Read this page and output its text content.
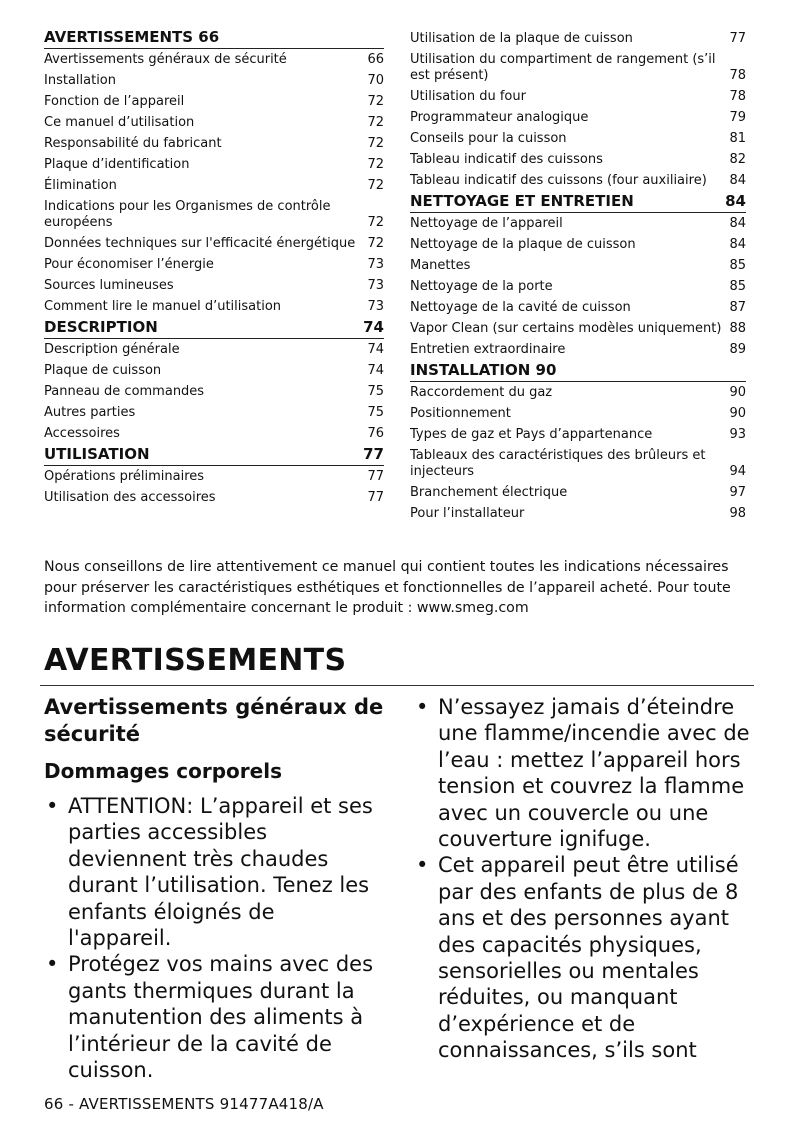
AVERTISSEMENTS 66
Avertissements généraux de sécurité	66
Installation	70
Fonction de l’appareil	72
Ce manuel d’utilisation	72
Responsabilité du fabricant	72
Plaque d’identification	72
Élimination	72
Indications pour les Organismes de contrôle européens	72
Données techniques sur l'efficacité énergétique 72
Pour économiser l’énergie	73
Sources lumineuses	73
Comment lire le manuel d’utilisation	73
DESCRIPTION	74
Description générale	74
Plaque de cuisson	74
Panneau de commandes	75
Autres parties	75
Accessoires	76
UTILISATION	77
Opérations préliminaires	77
Utilisation des accessoires	77
Utilisation de la plaque de cuisson	77
Utilisation du compartiment de rangement (s’il est présent)	78
Utilisation du four	78
Programmateur analogique	79
Conseils pour la cuisson	81
Tableau indicatif des cuissons	82
Tableau indicatif des cuissons (four auxiliaire) 84
NETTOYAGE ET ENTRETIEN	84
Nettoyage de l’appareil	84
Nettoyage de la plaque de cuisson	84
Manettes	85
Nettoyage de la porte	85
Nettoyage de la cavité de cuisson	87
Vapor Clean (sur certains modèles uniquement) 88
Entretien extraordinaire	89
INSTALLATION 90
Raccordement du gaz	90
Positionnement	90
Types de gaz et Pays d’appartenance	93
Tableaux des caractéristiques des brûleurs et injecteurs	94
Branchement électrique	97
Pour l’installateur	98
Nous conseillons de lire attentivement ce manuel qui contient toutes les indications nécessaires pour préserver les caractéristiques esthétiques et fonctionnelles de l’appareil acheté. Pour toute information complémentaire concernant le produit : www.smeg.com
AVERTISSEMENTS
Avertissements généraux de sécurité
Dommages corporels
• ATTENTION: L’appareil et ses parties accessibles deviennent très chaudes durant l’utilisation. Tenez les enfants éloignés de l'appareil.
• Protégez vos mains avec des gants thermiques durant la manutention des aliments à l’intérieur de la cavité de cuisson.
• N’essayez jamais d’éteindre une flamme/incendie avec de l’eau : mettez l’appareil hors tension et couvrez la flamme avec un couvercle ou une couverture ignifuge.
• Cet appareil peut être utilisé par des enfants de plus de 8 ans et des personnes ayant des capacités physiques, sensorielles ou mentales réduites, ou manquant d’expérience et de connaissances, s’ils sont
66 - AVERTISSEMENTS 91477A418/A
